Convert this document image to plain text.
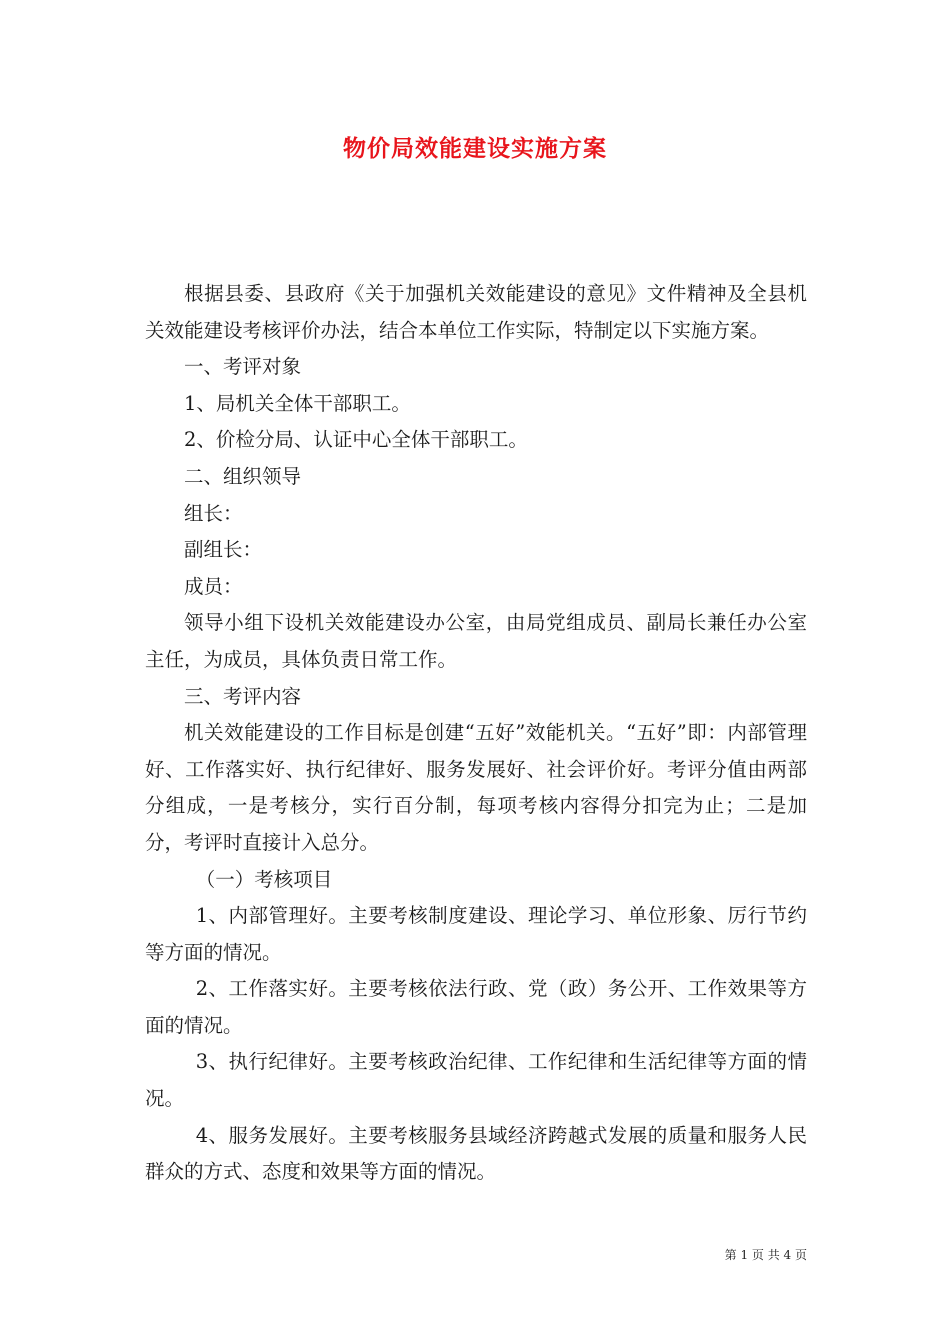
物价局效能建设实施方案

根据县委、县政府《关于加强机关效能建设的意见》文件精神及全县机关效能建设考核评价办法，结合本单位工作实际，特制定以下实施方案。

一、考评对象

1、局机关全体干部职工。

2、价检分局、认证中心全体干部职工。

二、组织领导

组长：

副组长：

成员：

领导小组下设机关效能建设办公室，由局党组成员、副局长兼任办公室主任，为成员，具体负责日常工作。

三、考评内容

机关效能建设的工作目标是创建“五好”效能机关。“五好”即：内部管理好、工作落实好、执行纪律好、服务发展好、社会评价好。考评分值由两部分组成，一是考核分，实行百分制，每项考核内容得分扣完为止；二是加分，考评时直接计入总分。

（一）考核项目

1、内部管理好。主要考核制度建设、理论学习、单位形象、厉行节约等方面的情况。

2、工作落实好。主要考核依法行政、党（政）务公开、工作效果等方面的情况。

3、执行纪律好。主要考核政治纪律、工作纪律和生活纪律等方面的情况。

4、服务发展好。主要考核服务县域经济跨越式发展的质量和服务人民群众的方式、态度和效果等方面的情况。

第 1 页 共 4 页
